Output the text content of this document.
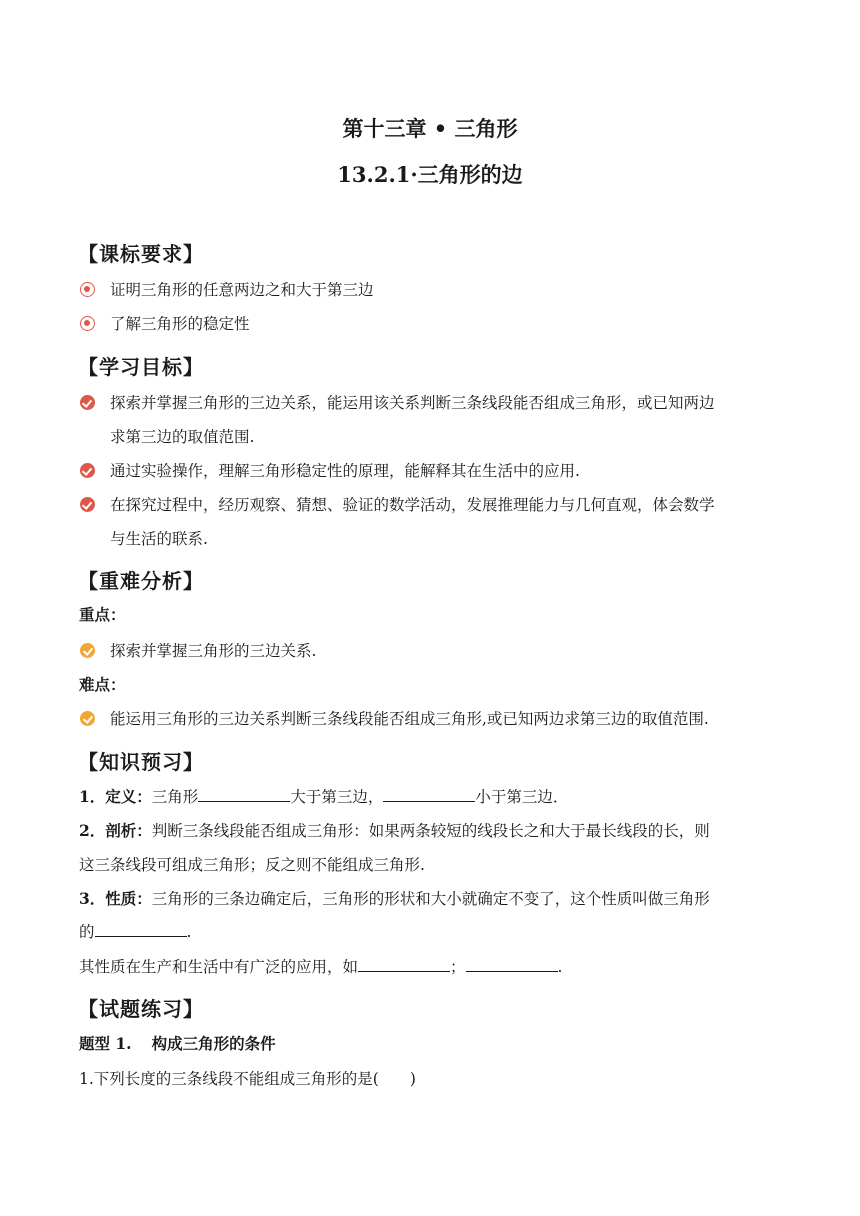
第十三章 • 三角形
13.2.1·三角形的边
【课标要求】
证明三角形的任意两边之和大于第三边
了解三角形的稳定性
【学习目标】
探索并掌握三角形的三边关系，能运用该关系判断三条线段能否组成三角形，或已知两边
求第三边的取值范围.
通过实验操作，理解三角形稳定性的原理，能解释其在生活中的应用.
在探究过程中，经历观察、猜想、验证的数学活动，发展推理能力与几何直观，体会数学
与生活的联系.
【重难分析】
重点：
探索并掌握三角形的三边关系.
难点：
能运用三角形的三边关系判断三条线段能否组成三角形,或已知两边求第三边的取值范围.
【知识预习】
1．定义：三角形	大于第三边，	小于第三边．
2．剖析：判断三条线段能否组成三角形：如果两条较短的线段长之和大于最长线段的长，则
这三条线段可组成三角形；反之则不能组成三角形.
3．性质：三角形的三条边确定后，三角形的形状和大小就确定不变了，这个性质叫做三角形
的	.
其性质在生产和生活中有广泛的应用，如	；	.
【试题练习】
题型 1. 构成三角形的条件
1.下列长度的三条线段不能组成三角形的是(　　)
